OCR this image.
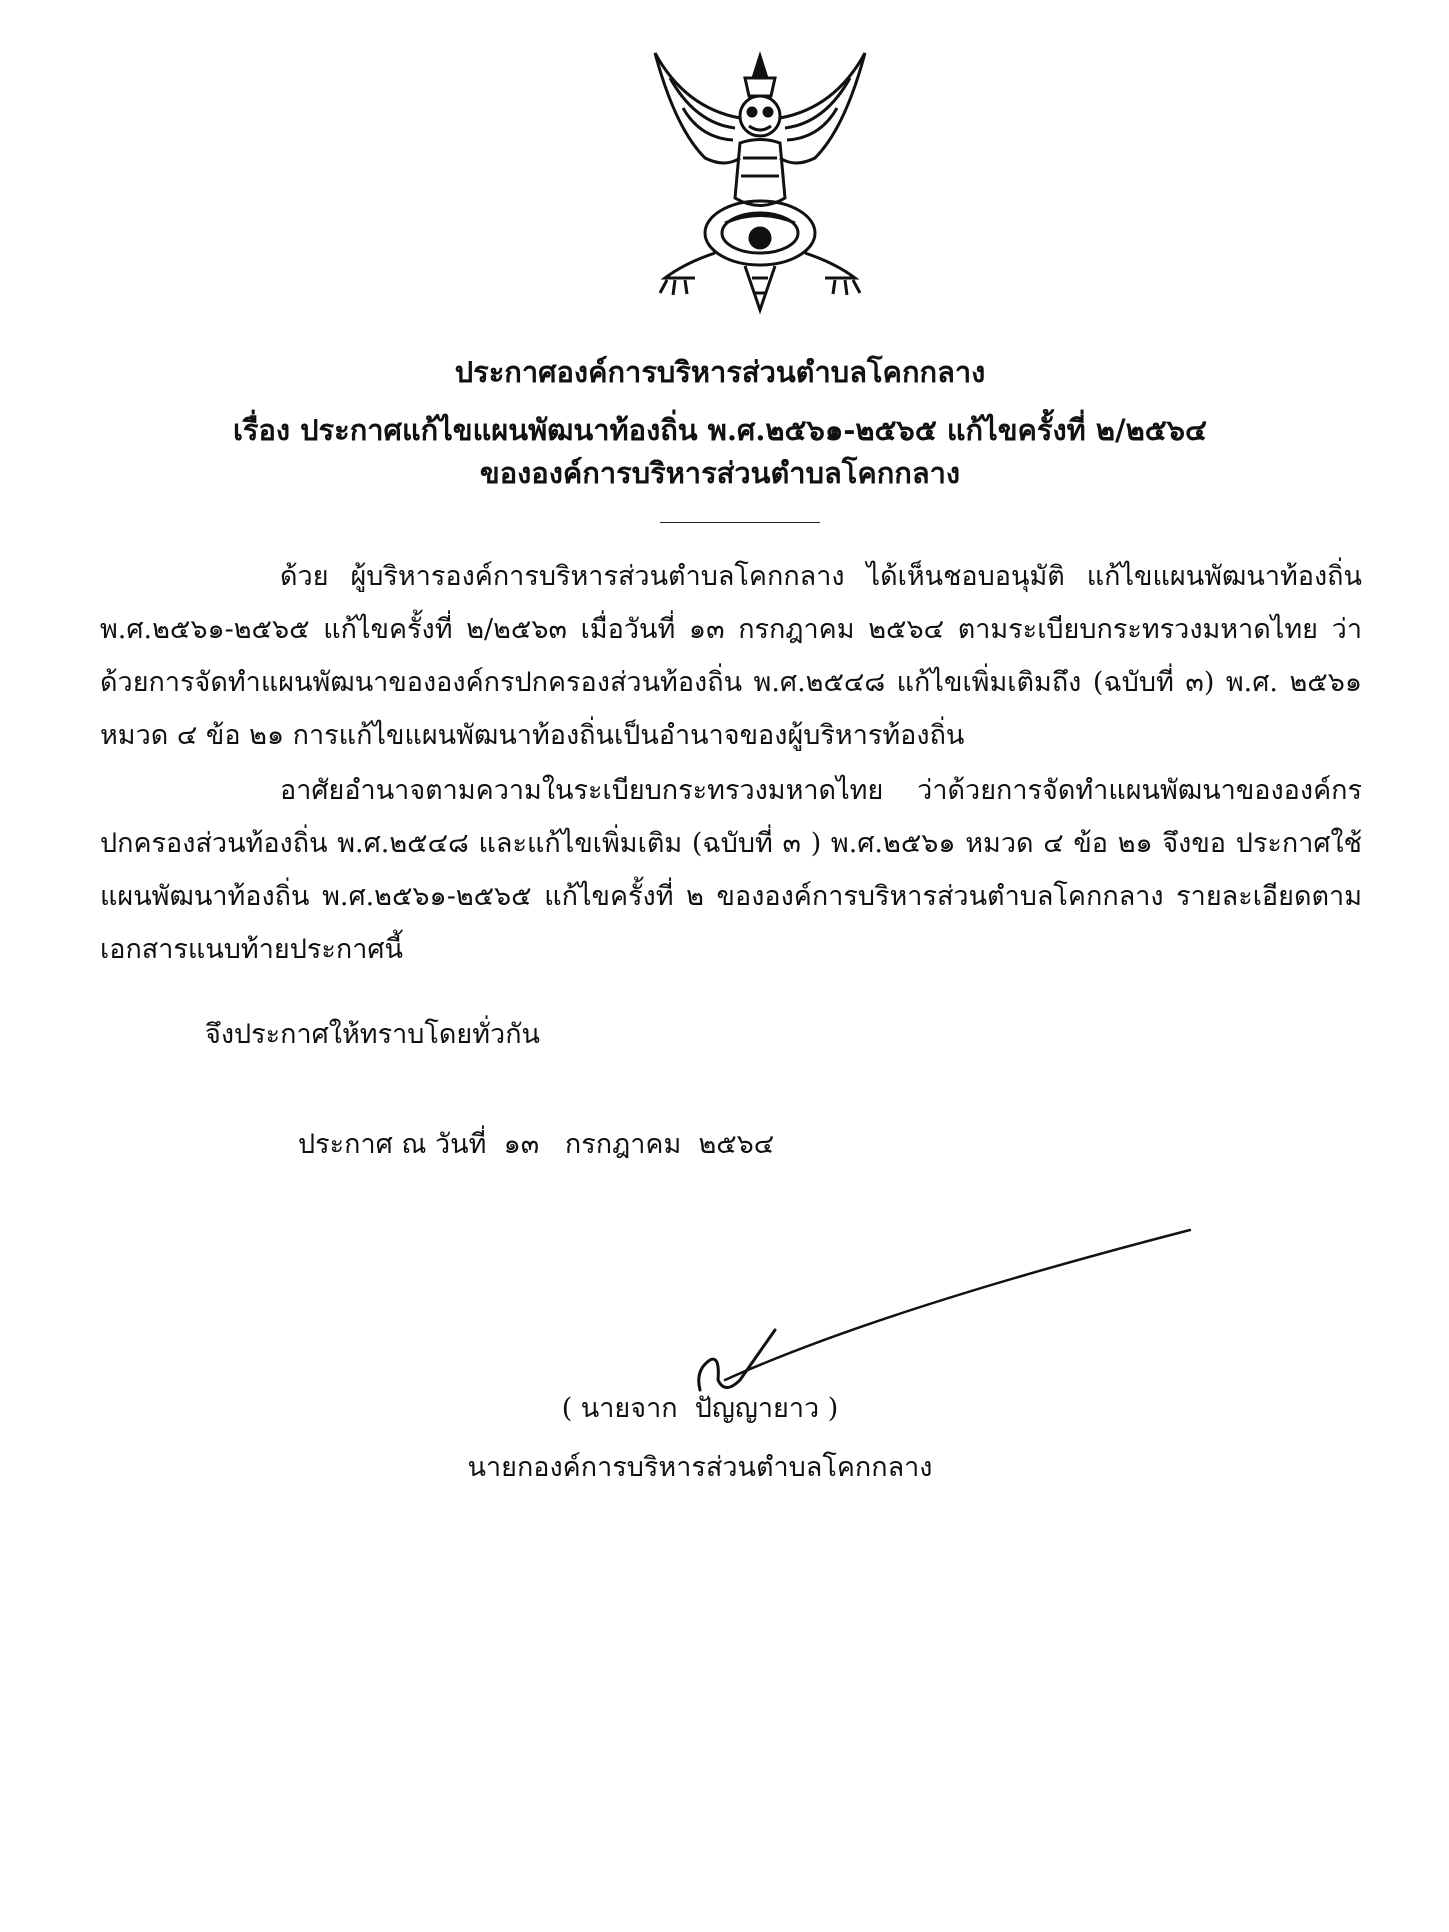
ประกาศองค์การบริหารส่วนตำบลโคกกลาง
เรื่อง ประกาศแก้ไขแผนพัฒนาท้องถิ่น พ.ศ.๒๕๖๑-๒๕๖๕ แก้ไขครั้งที่ ๒/๒๕๖๔
ขององค์การบริหารส่วนตำบลโคกกลาง
ด้วย ผู้บริหารองค์การบริหารส่วนตำบลโคกกลาง ได้เห็นชอบอนุมัติ แก้ไขแผนพัฒนาท้องถิ่น พ.ศ.๒๕๖๑-๒๕๖๕ แก้ไขครั้งที่ ๒/๒๕๖๓ เมื่อวันที่ ๑๓ กรกฎาคม ๒๕๖๔ ตามระเบียบกระทรวงมหาดไทย ว่าด้วยการจัดทำแผนพัฒนาขององค์กรปกครองส่วนท้องถิ่น พ.ศ.๒๕๔๘ แก้ไขเพิ่มเติมถึง (ฉบับที่ ๓) พ.ศ. ๒๕๖๑ หมวด ๔ ข้อ ๒๑ การแก้ไขแผนพัฒนาท้องถิ่นเป็นอำนาจของผู้บริหารท้องถิ่น
อาศัยอำนาจตามความในระเบียบกระทรวงมหาดไทย ว่าด้วยการจัดทำแผนพัฒนาขององค์กร ปกครองส่วนท้องถิ่น พ.ศ.๒๕๔๘ และแก้ไขเพิ่มเติม (ฉบับที่ ๓ ) พ.ศ.๒๕๖๑ หมวด ๔ ข้อ ๒๑ จึงขอ ประกาศใช้แผนพัฒนาท้องถิ่น พ.ศ.๒๕๖๑-๒๕๖๕ แก้ไขครั้งที่ ๒ ขององค์การบริหารส่วนตำบลโคกกลาง รายละเอียดตามเอกสารแนบท้ายประกาศนี้
จึงประกาศให้ทราบโดยทั่วกัน
ประกาศ ณ วันที่  ๑๓   กรกฎาคม  ๒๕๖๔
( นายจาก  ปัญญายาว )
นายกองค์การบริหารส่วนตำบลโคกกลาง
